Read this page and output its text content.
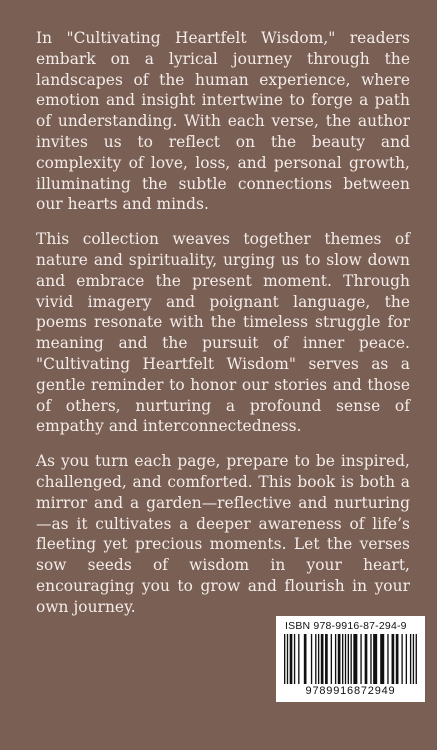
In "Cultivating Heartfelt Wisdom," readers embark on a lyrical journey through the landscapes of the human experience, where emotion and insight intertwine to forge a path of understanding. With each verse, the author invites us to reflect on the beauty and complexity of love, loss, and personal growth, illuminating the subtle connections between our hearts and minds.

This collection weaves together themes of nature and spirituality, urging us to slow down and embrace the present moment. Through vivid imagery and poignant language, the poems resonate with the timeless struggle for meaning and the pursuit of inner peace. "Cultivating Heartfelt Wisdom" serves as a gentle reminder to honor our stories and those of others, nurturing a profound sense of empathy and interconnectedness.

As you turn each page, prepare to be inspired, challenged, and comforted. This book is both a mirror and a garden—reflective and nurturing—as it cultivates a deeper awareness of life’s fleeting yet precious moments. Let the verses sow seeds of wisdom in your heart, encouraging you to grow and flourish in your own journey.

ISBN 978-9916-87-294-9
9789916872949
